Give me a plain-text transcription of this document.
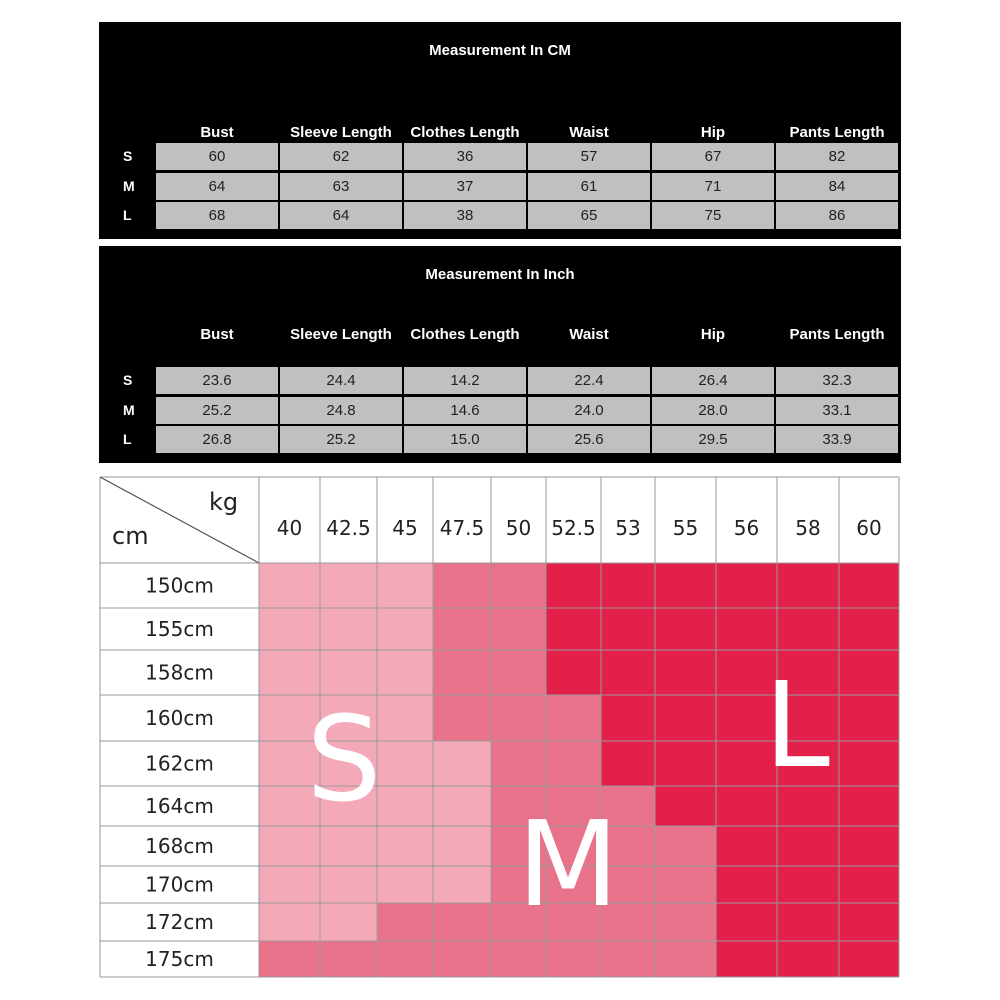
Measurement In CM
Bust	Sleeve Length	Clothes Length	Waist	Hip	Pants Length
S	60	62	36	57	67	82
M	64	63	37	61	71	84
L	68	64	38	65	75	86
Measurement In Inch
Bust	Sleeve Length	Clothes Length	Waist	Hip	Pants Length
S	23.6	24.4	14.2	22.4	26.4	32.3
M	25.2	24.8	14.6	24.0	28.0	33.1
L	26.8	25.2	15.0	25.6	29.5	33.9
kg
cm	40 42.5 45 47.5 50 52.5 53 55 56 58 60
150cm
155cm
158cm
160cm
162cm
164cm
168cm
170cm
172cm
175cm
S
M
L
